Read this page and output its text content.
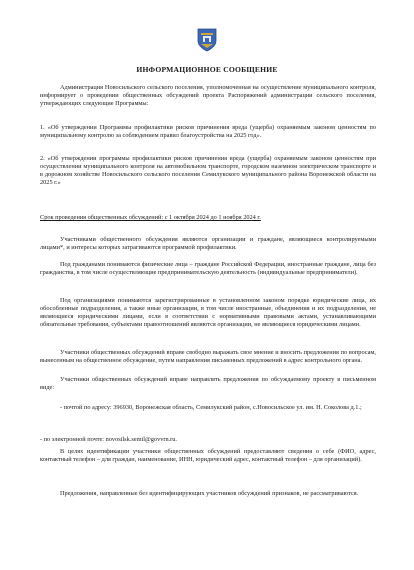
ИНФОРМАЦИОННОЕ СООБЩЕНИЕ

Администрация Новосильского сельского поселения, уполномоченная на осуществление муниципального контроля, информирует о проведении общественных обсуждений проекта Распоряжений администрации сельского поселения, утверждающих следующие Программы:

1. «Об утверждении Программы профилактики рисков причинения вреда (ущерба) охраняемым законом ценностям по муниципальному контролю за соблюдением правил благоустройства на 2025 год».

2. «Об утверждении программы профилактики рисков причинения вреда (ущерба) охраняемым законом ценностям при осуществлении муниципального контроля на автомобильном транспорте, городском наземном электрическом транспорте и в дорожном хозяйстве Новосильского сельского поселения Семилукского муниципального района Воронежской области на 2025 г.»

Срок проведения общественных обсуждений: с 1 октября 2024 до 1 ноября 2024 г.

Участниками общественного обсуждения являются организации и граждане, являющиеся контролируемыми лицами*, и интересы которых затрагиваются программой профилактики.

Под гражданами понимаются физические лица – граждане Российской Федерации, иностранные граждане, лица без гражданства, в том числе осуществляющие предпринимательскую деятельность (индивидуальные предприниматели).

Под организациями понимаются зарегистрированные в установленном законом порядке юридические лица, их обособленные подразделения, а также иные организации, в том числе иностранные, объединения и их подразделения, не являющиеся юридическими лицами, если в соответствии с нормативными правовыми актами, устанавливающими обязательные требования, субъектами правоотношений являются организации, не являющиеся юридическими лицами.

Участники общественных обсуждений вправе свободно выражать свое мнение и вносить предложения по вопросам, вынесенным на общественное обсуждение, путем направления письменных предложений в адрес контрольного органа.

Участники общественных обсуждений вправе направлять предложения по обсуждаемому проекту в письменном виде:

- почтой по адресу: 396930, Воронежская область, Семилукский район, с.Новосильское ул. им. Н. Соколова д.1.;

- по электронной почте: novosilsk.semil@govvrn.ru.

В целях идентификации участники общественных обсуждений предоставляют сведения о себе (ФИО, адрес, контактный телефон – для граждан, наименование, ИНН, юридический адрес, контактный телефон – для организаций).

Предложения, направленные без идентифицирующих участников обсуждений признаков, не рассматриваются.
